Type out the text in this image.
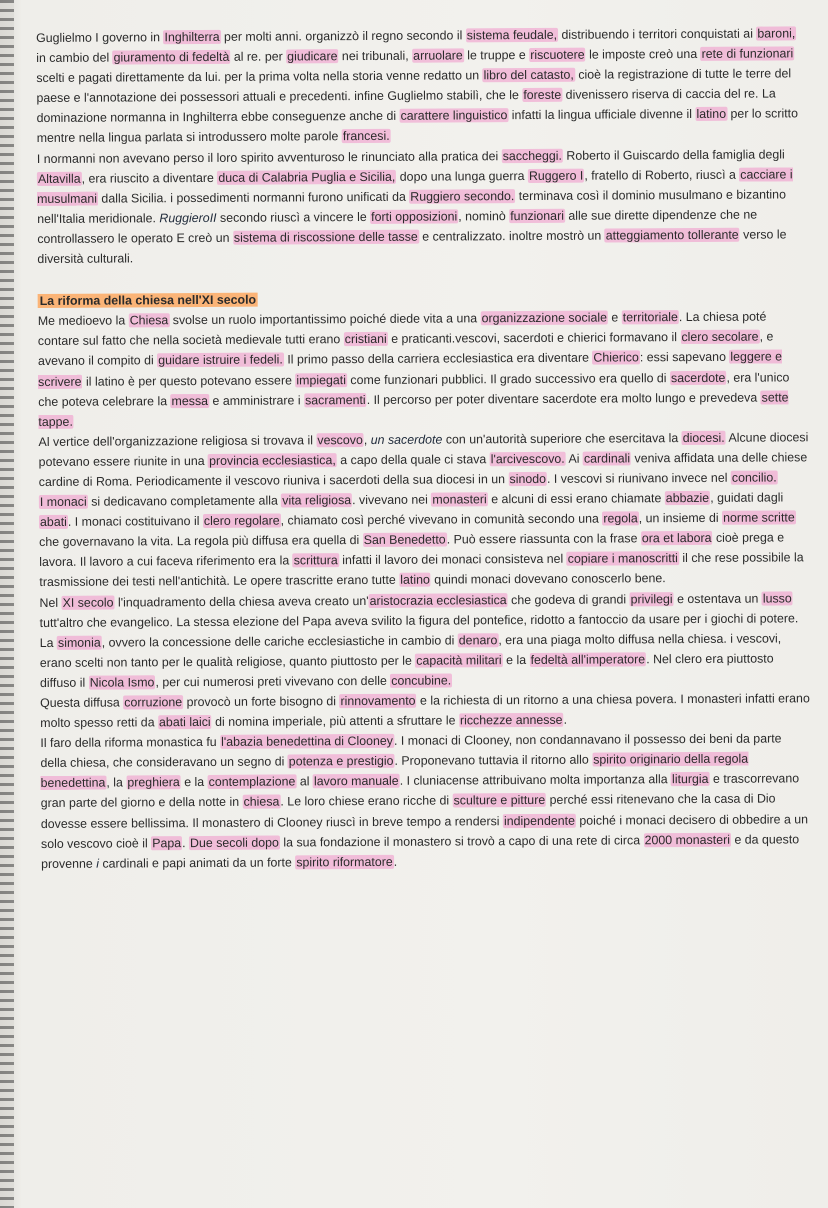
Guglielmo I governo in Inghilterra per molti anni. organizzò il regno secondo il sistema feudale, distribuendo i territori conquistati ai baroni, in cambio del giuramento di fedeltà al re. per giudicare nei tribunali, arruolare le truppe e riscuotere le imposte creò una rete di funzionari scelti e pagati direttamente da lui. per la prima volta nella storia venne redatto un libro del catasto, cioè la registrazione di tutte le terre del paese e l'annotazione dei possessori attuali e precedenti. infine Guglielmo stabilì, che le foreste divenissero riserva di caccia del re. La dominazione normanna in Inghilterra ebbe conseguenze anche di carattere linguistico infatti la lingua ufficiale divenne il latino per lo scritto mentre nella lingua parlata si introdussero molte parole francesi.
I normanni non avevano perso il loro spirito avventuroso le rinunciato alla pratica dei saccheggi. Roberto il Guiscardo della famiglia degli Altavilla, era riuscito a diventare duca di Calabria Puglia e Sicilia, dopo una lunga guerra Ruggero I, fratello di Roberto, riuscì a cacciare i musulmani dalla Sicilia. i possedimenti normanni furono unificati da Ruggiero secondo. terminava così il dominio musulmano e bizantino nell'Italia meridionale. RuggieroII secondo riuscì a vincere le forti opposizioni, nominò funzionari alle sue dirette dipendenze che ne controllassero le operato E creò un sistema di riscossione delle tasse e centralizzato. inoltre mostrò un atteggiamento tollerante verso le diversità culturali.
La riforma della chiesa nell'XI secolo
Me medioevo la Chiesa svolse un ruolo importantissimo poiché diede vita a una organizzazione sociale e territoriale. La chiesa poté contare sul fatto che nella società medievale tutti erano cristiani e praticanti.vescovi, sacerdoti e chierici formavano il clero secolare, e avevano il compito di guidare istruire i fedeli. Il primo passo della carriera ecclesiastica era diventare Chierico: essi sapevano leggere e scrivere il latino è per questo potevano essere impiegati come funzionari pubblici. Il grado successivo era quello di sacerdote, era l'unico che poteva celebrare la messa e amministrare i sacramenti. Il percorso per poter diventare sacerdote era molto lungo e prevedeva sette tappe.
Al vertice dell'organizzazione religiosa si trovava il vescovo, un sacerdote con un'autorità superiore che esercitava la diocesi. Alcune diocesi potevano essere riunite in una provincia ecclesiastica, a capo della quale ci stava l'arcivescovo. Ai cardinali veniva affidata una delle chiese cardine di Roma. Periodicamente il vescovo riuniva i sacerdoti della sua diocesi in un sinodo. I vescovi si riunivano invece nel concilio.
I monaci si dedicavano completamente alla vita religiosa. vivevano nei monasteri e alcuni di essi erano chiamate abbazie, guidati dagli abati. I monaci costituivano il clero regolare, chiamato così perché vivevano in comunità secondo una regola, un insieme di norme scritte che governavano la vita. La regola più diffusa era quella di San Benedetto. Può essere riassunta con la frase ora et labora cioè prega e lavora. Il lavoro a cui faceva riferimento era la scrittura infatti il lavoro dei monaci consisteva nel copiare i manoscritti il che rese possibile la trasmissione dei testi nell'antichità. Le opere trascritte erano tutte latino quindi monaci dovevano conoscerlo bene.
Nel XI secolo l'inquadramento della chiesa aveva creato un'aristocrazia ecclesiastica che godeva di grandi privilegi e ostentava un lusso tutt'altro che evangelico. La stessa elezione del Papa aveva svilito la figura del pontefice, ridotto a fantoccio da usare per i giochi di potere. La simonia, ovvero la concessione delle cariche ecclesiastiche in cambio di denaro, era una piaga molto diffusa nella chiesa. i vescovi, erano scelti non tanto per le qualità religiose, quanto piuttosto per le capacità militari e la fedeltà all'imperatore. Nel clero era piuttosto diffuso il Nicola Ismo, per cui numerosi preti vivevano con delle concubine.
Questa diffusa corruzione provocò un forte bisogno di rinnovamento e la richiesta di un ritorno a una chiesa povera. I monasteri infatti erano molto spesso retti da abati laici di nomina imperiale, più attenti a sfruttare le ricchezze annesse.
Il faro della riforma monastica fu l'abazia benedettina di Clooney. I monaci di Clooney, non condannavano il possesso dei beni da parte della chiesa, che consideravano un segno di potenza e prestigio. Proponevano tuttavia il ritorno allo spirito originario della regola benedettina, la preghiera e la contemplazione al lavoro manuale. I cluniacense attribuivano molta importanza alla liturgia e trascorrevano gran parte del giorno e della notte in chiesa. Le loro chiese erano ricche di sculture e pitture perché essi ritenevano che la casa di Dio dovesse essere bellissima. Il monastero di Clooney riuscì in breve tempo a rendersi indipendente poiché i monaci decisero di obbedire a un solo vescovo cioè il Papa. Due secoli dopo la sua fondazione il monastero si trovò a capo di una rete di circa 2000 monasteri e da questo provenne i cardinali e papi animati da un forte spirito riformatore.
